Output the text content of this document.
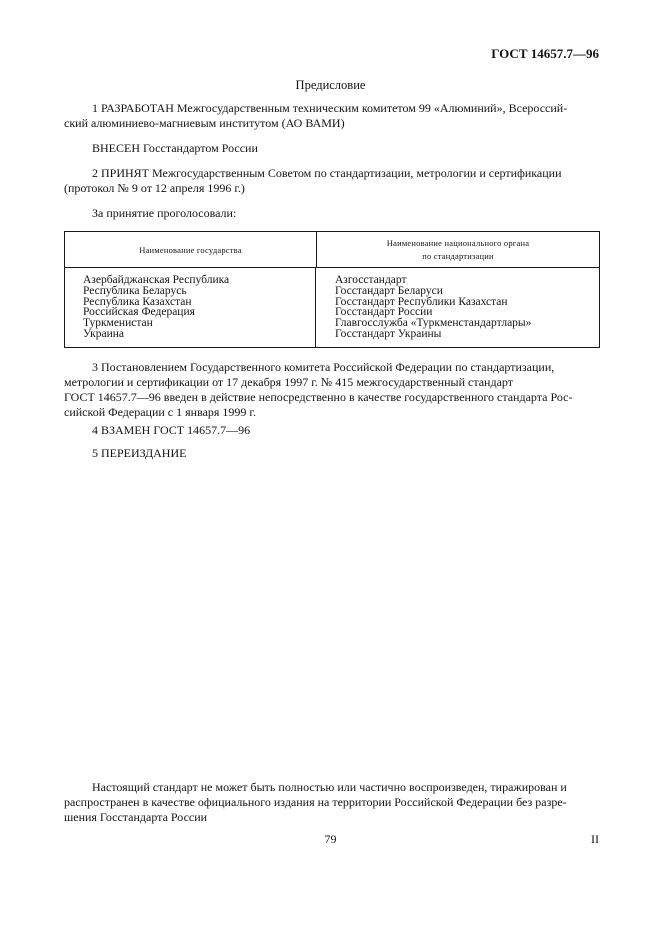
ГОСТ 14657.7—96
Предисловие
1 РАЗРАБОТАН Межгосударственным техническим комитетом 99 «Алюминий», Всероссий-
ский алюминиево-магниевым институтом (АО ВАМИ)
ВНЕСЕН Госстандартом России
2 ПРИНЯТ Межгосударственным Советом по стандартизации, метрологии и сертификации
(протокол № 9 от 12 апреля 1996 г.)
За принятие проголосовали:
Наименование государства
Наименование национального органа
по стандартизации
Азербайджанская Республика
Республика Беларусь
Республика Казахстан
Российская Федерация
Туркменистан
Украина
Азгосстандарт
Госстандарт Беларуси
Госстандарт Республики Казахстан
Госстандарт России
Главгосслужба «Туркменстандартлары»
Госстандарт Украины
3 Постановлением Государственного комитета Российской Федерации по стандартизации,
метрологии и сертификации от 17 декабря 1997 г. № 415 межгосударственный стандарт
ГОСТ 14657.7—96 введен в действие непосредственно в качестве государственного стандарта Рос-
сийской Федерации с 1 января 1999 г.
4 ВЗАМЕН ГОСТ 14657.7—96
5 ПЕРЕИЗДАНИЕ
Настоящий стандарт не может быть полностью или частично воспроизведен, тиражирован и
распространен в качестве официального издания на территории Российской Федерации без разре-
шения Госстандарта России
79	II
